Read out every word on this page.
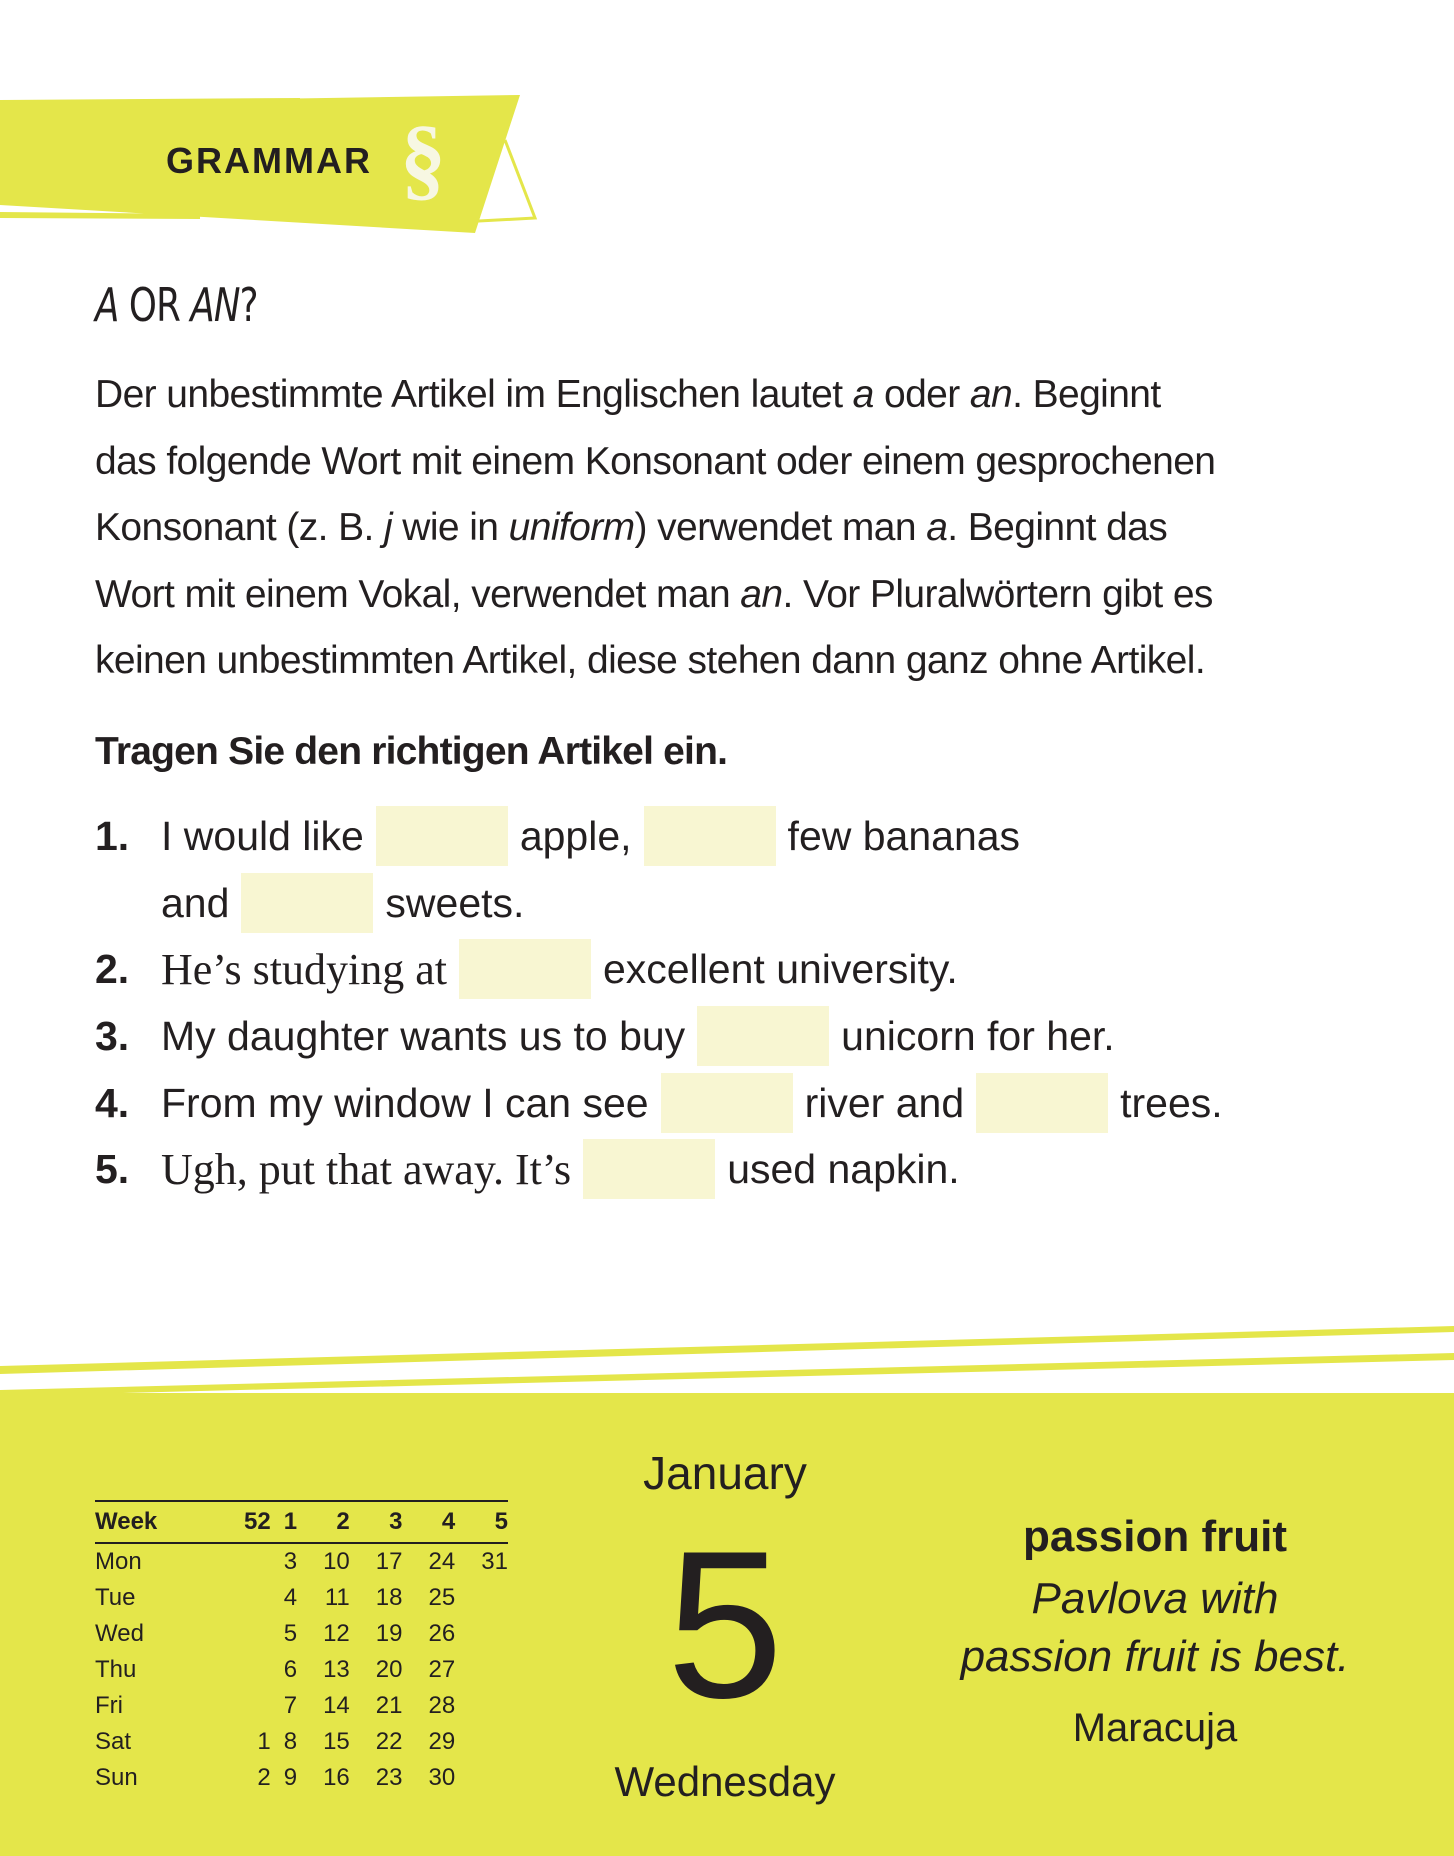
GRAMMAR §
A OR AN?
Der unbestimmte Artikel im Englischen lautet a oder an. Beginnt
das folgende Wort mit einem Konsonant oder einem gesprochenen
Konsonant (z. B. j wie in uniform) verwendet man a. Beginnt das
Wort mit einem Vokal, verwendet man an. Vor Pluralwörtern gibt es
keinen unbestimmten Artikel, diese stehen dann ganz ohne Artikel.
Tragen Sie den richtigen Artikel ein.
1. I would like	apple,	few bananas
and	sweets.
2. He’s studying at	excellent university.
3. My daughter wants us to buy	unicorn for her.
4. From my window I can see	river and	trees.
5. Ugh, put that away. It’s	used napkin.
Week	52	1	2	3	4	5
Mon		3	10	17	24	31
Tue		4	11	18	25	
Wed		5	12	19	26	
Thu		6	13	20	27	
Fri		7	14	21	28	
Sat	1	8	15	22	29	
Sun	2	9	16	23	30	
January
5
Wednesday
passion fruit
Pavlova with
passion fruit is best.
Maracuja
